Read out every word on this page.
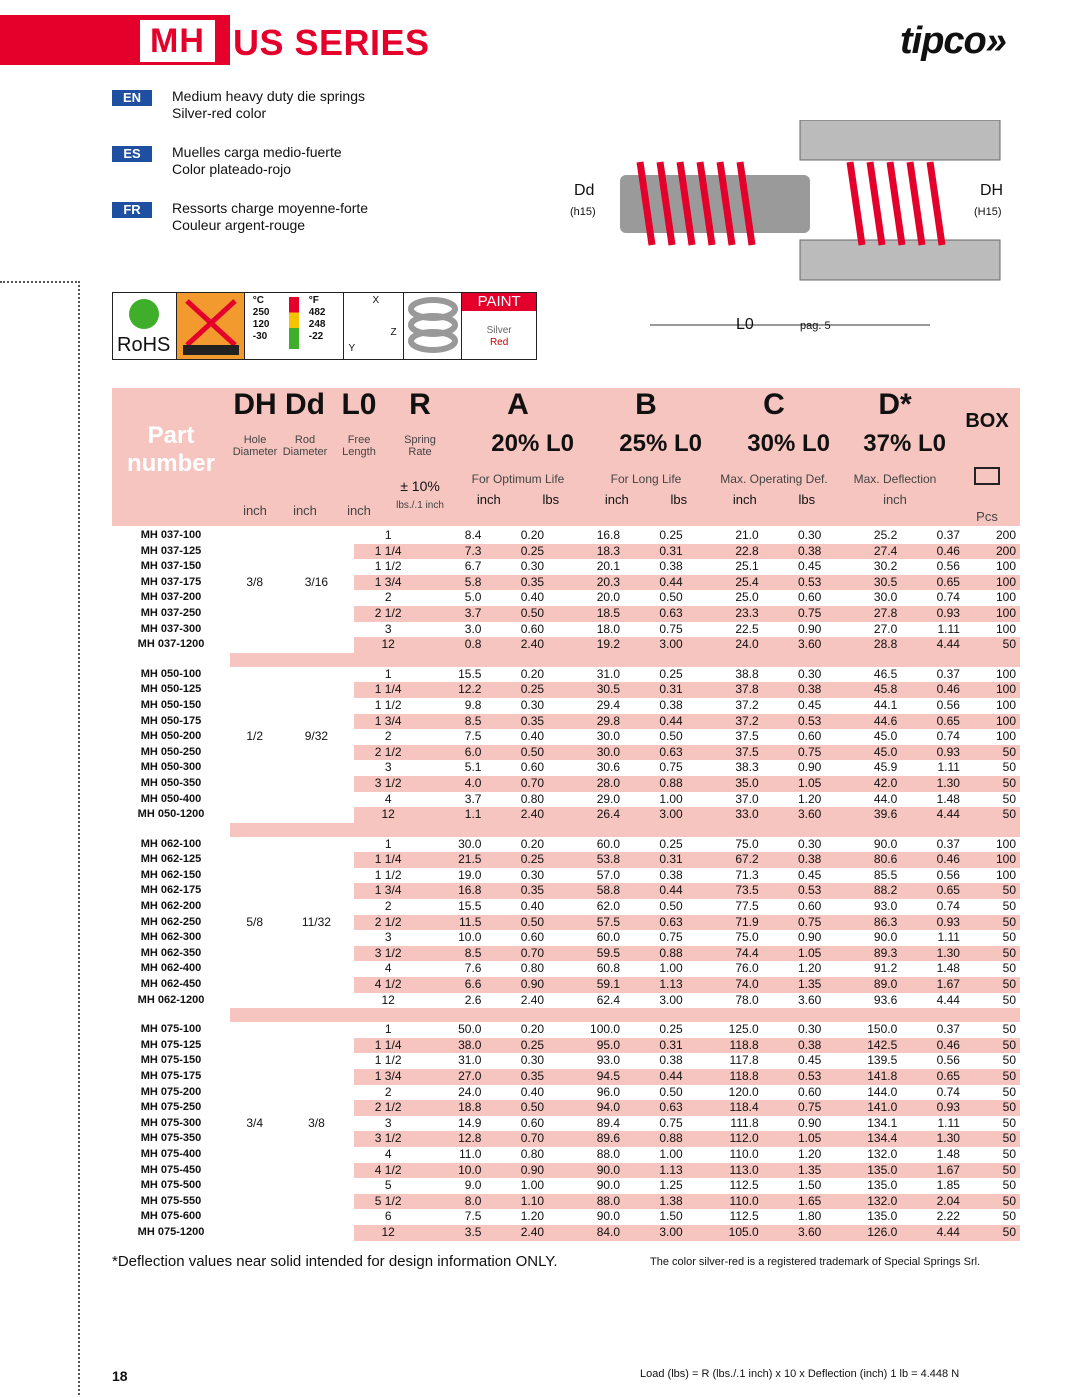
MH US SERIES	tipco»
EN	Medium heavy duty die springs
Silver-red color
ES	Muelles carga medio-fuerte
Color plateado-rojo
FR	Ressorts charge moyenne-forte
Couleur argent-rouge
RoHS
°C
250
120
-30
°F
482
248
-22
X
Z
Y
PAINT
Silver
Red
Dd
(h15)
DH
(H15)
L0	pag. 5
Part
number
DH
Hole
Diameter
inch
Dd
Rod
Diameter
inch
L0
Free
Length
inch
R
Spring
Rate
± 10%
lbs./.1 inch
A
20% L0
For Optimum Life
inch	lbs
B
25% L0
For Long Life
inch	lbs
C
30% L0
Max. Operating Def.
inch	lbs
D*
37% L0
Max. Deflection
inch
BOX
Pcs
MH 037-100			1	8.4	0.20	16.8	0.25	21.0	0.30	25.2	0.37	200
MH 037-125			1 1/4	7.3	0.25	18.3	0.31	22.8	0.38	27.4	0.46	200
MH 037-150			1 1/2	6.7	0.30	20.1	0.38	25.1	0.45	30.2	0.56	100
MH 037-175	3/8	3/16	1 3/4	5.8	0.35	20.3	0.44	25.4	0.53	30.5	0.65	100
MH 037-200			2	5.0	0.40	20.0	0.50	25.0	0.60	30.0	0.74	100
MH 037-250			2 1/2	3.7	0.50	18.5	0.63	23.3	0.75	27.8	0.93	100
MH 037-300			3	3.0	0.60	18.0	0.75	22.5	0.90	27.0	1.11	100
MH 037-1200			12	0.8	2.40	19.2	3.00	24.0	3.60	28.8	4.44	50

MH 050-100			1	15.5	0.20	31.0	0.25	38.8	0.30	46.5	0.37	100
MH 050-125			1 1/4	12.2	0.25	30.5	0.31	37.8	0.38	45.8	0.46	100
MH 050-150			1 1/2	9.8	0.30	29.4	0.38	37.2	0.45	44.1	0.56	100
MH 050-175			1 3/4	8.5	0.35	29.8	0.44	37.2	0.53	44.6	0.65	100
MH 050-200	1/2	9/32	2	7.5	0.40	30.0	0.50	37.5	0.60	45.0	0.74	100
MH 050-250			2 1/2	6.0	0.50	30.0	0.63	37.5	0.75	45.0	0.93	50
MH 050-300			3	5.1	0.60	30.6	0.75	38.3	0.90	45.9	1.11	50
MH 050-350			3 1/2	4.0	0.70	28.0	0.88	35.0	1.05	42.0	1.30	50
MH 050-400			4	3.7	0.80	29.0	1.00	37.0	1.20	44.0	1.48	50
MH 050-1200			12	1.1	2.40	26.4	3.00	33.0	3.60	39.6	4.44	50

MH 062-100			1	30.0	0.20	60.0	0.25	75.0	0.30	90.0	0.37	100
MH 062-125			1 1/4	21.5	0.25	53.8	0.31	67.2	0.38	80.6	0.46	100
MH 062-150			1 1/2	19.0	0.30	57.0	0.38	71.3	0.45	85.5	0.56	100
MH 062-175			1 3/4	16.8	0.35	58.8	0.44	73.5	0.53	88.2	0.65	50
MH 062-200			2	15.5	0.40	62.0	0.50	77.5	0.60	93.0	0.74	50
MH 062-250	5/8	11/32	2 1/2	11.5	0.50	57.5	0.63	71.9	0.75	86.3	0.93	50
MH 062-300			3	10.0	0.60	60.0	0.75	75.0	0.90	90.0	1.11	50
MH 062-350			3 1/2	8.5	0.70	59.5	0.88	74.4	1.05	89.3	1.30	50
MH 062-400			4	7.6	0.80	60.8	1.00	76.0	1.20	91.2	1.48	50
MH 062-450			4 1/2	6.6	0.90	59.1	1.13	74.0	1.35	89.0	1.67	50
MH 062-1200			12	2.6	2.40	62.4	3.00	78.0	3.60	93.6	4.44	50

MH 075-100			1	50.0	0.20	100.0	0.25	125.0	0.30	150.0	0.37	50
MH 075-125			1 1/4	38.0	0.25	95.0	0.31	118.8	0.38	142.5	0.46	50
MH 075-150			1 1/2	31.0	0.30	93.0	0.38	117.8	0.45	139.5	0.56	50
MH 075-175			1 3/4	27.0	0.35	94.5	0.44	118.8	0.53	141.8	0.65	50
MH 075-200			2	24.0	0.40	96.0	0.50	120.0	0.60	144.0	0.74	50
MH 075-250			2 1/2	18.8	0.50	94.0	0.63	118.4	0.75	141.0	0.93	50
MH 075-300	3/4	3/8	3	14.9	0.60	89.4	0.75	111.8	0.90	134.1	1.11	50
MH 075-350			3 1/2	12.8	0.70	89.6	0.88	112.0	1.05	134.4	1.30	50
MH 075-400			4	11.0	0.80	88.0	1.00	110.0	1.20	132.0	1.48	50
MH 075-450			4 1/2	10.0	0.90	90.0	1.13	113.0	1.35	135.0	1.67	50
MH 075-500			5	9.0	1.00	90.0	1.25	112.5	1.50	135.0	1.85	50
MH 075-550			5 1/2	8.0	1.10	88.0	1.38	110.0	1.65	132.0	2.04	50
MH 075-600			6	7.5	1.20	90.0	1.50	112.5	1.80	135.0	2.22	50
MH 075-1200			12	3.5	2.40	84.0	3.00	105.0	3.60	126.0	4.44	50
*Deflection values near solid intended for design information ONLY.	The color silver-red is a registered trademark of Special Springs Srl.
18	Load (lbs) = R (lbs./.1 inch) x 10 x Deflection (inch) 1 lb = 4.448 N
